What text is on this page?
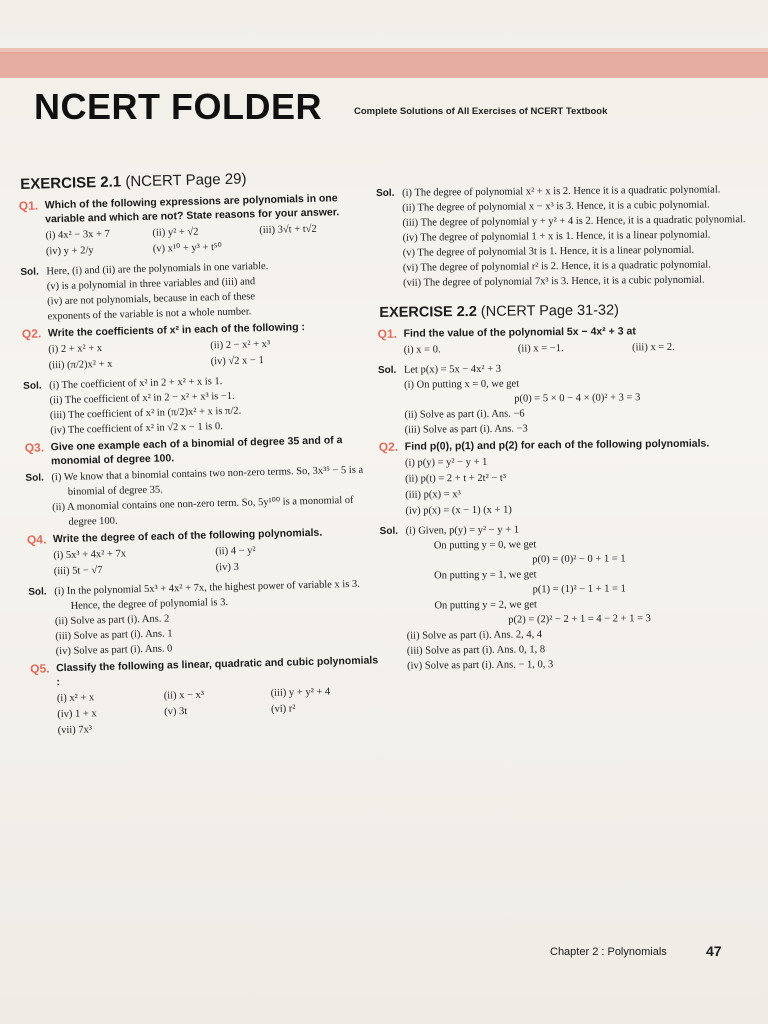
NCERT FOLDER	Complete Solutions of All Exercises of NCERT Textbook
EXERCISE 2.1 (NCERT Page 29)
Q1. Which of the following expressions are polynomials in one variable and which are not? State reasons for your answer.
(i) 4x² − 3x + 7	(ii) y² + √2	(iii) 3√t + t√2
(iv) y + 2/y	(v) x¹⁰ + y³ + t⁵⁰
Sol. Here, (i) and (ii) are the polynomials in one variable.
(v) is a polynomial in three variables and (iii) and
(iv) are not polynomials, because in each of these
exponents of the variable is not a whole number.
Q2. Write the coefficients of x² in each of the following :
(i) 2 + x² + x	(ii) 2 − x² + x³
(iii) (π/2)x² + x	(iv) √2 x − 1
Sol. (i) The coefficient of x² in 2 + x² + x is 1.
(ii) The coefficient of x² in 2 − x² + x³ is −1.
(iii) The coefficient of x² in (π/2)x² + x is π/2.
(iv) The coefficient of x² in √2 x − 1 is 0.
Q3. Give one example each of a binomial of degree 35 and of a monomial of degree 100.
Sol. (i) We know that a binomial contains two non-zero terms. So, 3x³⁵ − 5 is a binomial of degree 35.
(ii) A monomial contains one non-zero term. So, 5y¹⁰⁰ is a monomial of degree 100.
Q4. Write the degree of each of the following polynomials.
(i) 5x³ + 4x² + 7x	(ii) 4 − y²
(iii) 5t − √7	(iv) 3
Sol. (i) In the polynomial 5x³ + 4x² + 7x, the highest power of variable x is 3. Hence, the degree of polynomial is 3.
(ii) Solve as part (i). Ans. 2
(iii) Solve as part (i). Ans. 1
(iv) Solve as part (i). Ans. 0
Q5. Classify the following as linear, quadratic and cubic polynomials :
(i) x² + x	(ii) x − x³	(iii) y + y² + 4
(iv) 1 + x	(v) 3t	(vi) r²
(vii) 7x³
Sol. (i) The degree of polynomial x² + x is 2. Hence it is a quadratic polynomial.
(ii) The degree of polynomial x − x³ is 3. Hence, it is a cubic polynomial.
(iii) The degree of polynomial y + y² + 4 is 2. Hence, it is a quadratic polynomial.
(iv) The degree of polynomial 1 + x is 1. Hence, it is a linear polynomial.
(v) The degree of polynomial 3t is 1. Hence, it is a linear polynomial.
(vi) The degree of polynomial r² is 2. Hence, it is a quadratic polynomial.
(vii) The degree of polynomial 7x³ is 3. Hence, it is a cubic polynomial.
EXERCISE 2.2 (NCERT Page 31-32)
Q1. Find the value of the polynomial 5x − 4x² + 3 at
(i) x = 0.	(ii) x = −1.	(iii) x = 2.
Sol. Let p(x) = 5x − 4x² + 3
(i) On putting x = 0, we get
p(0) = 5 × 0 − 4 × (0)² + 3 = 3
(ii) Solve as part (i). Ans. −6
(iii) Solve as part (i). Ans. −3
Q2. Find p(0), p(1) and p(2) for each of the following polynomials.
(i) p(y) = y² − y + 1
(ii) p(t) = 2 + t + 2t² − t³
(iii) p(x) = x³
(iv) p(x) = (x − 1) (x + 1)
Sol. (i) Given, p(y) = y² − y + 1
On putting y = 0, we get
p(0) = (0)² − 0 + 1 = 1
On putting y = 1, we get
p(1) = (1)² − 1 + 1 = 1
On putting y = 2, we get
p(2) = (2)² − 2 + 1 = 4 − 2 + 1 = 3
(ii) Solve as part (i). Ans. 2, 4, 4
(iii) Solve as part (i). Ans. 0, 1, 8
(iv) Solve as part (i). Ans. − 1, 0, 3
Chapter 2 : Polynomials	47
